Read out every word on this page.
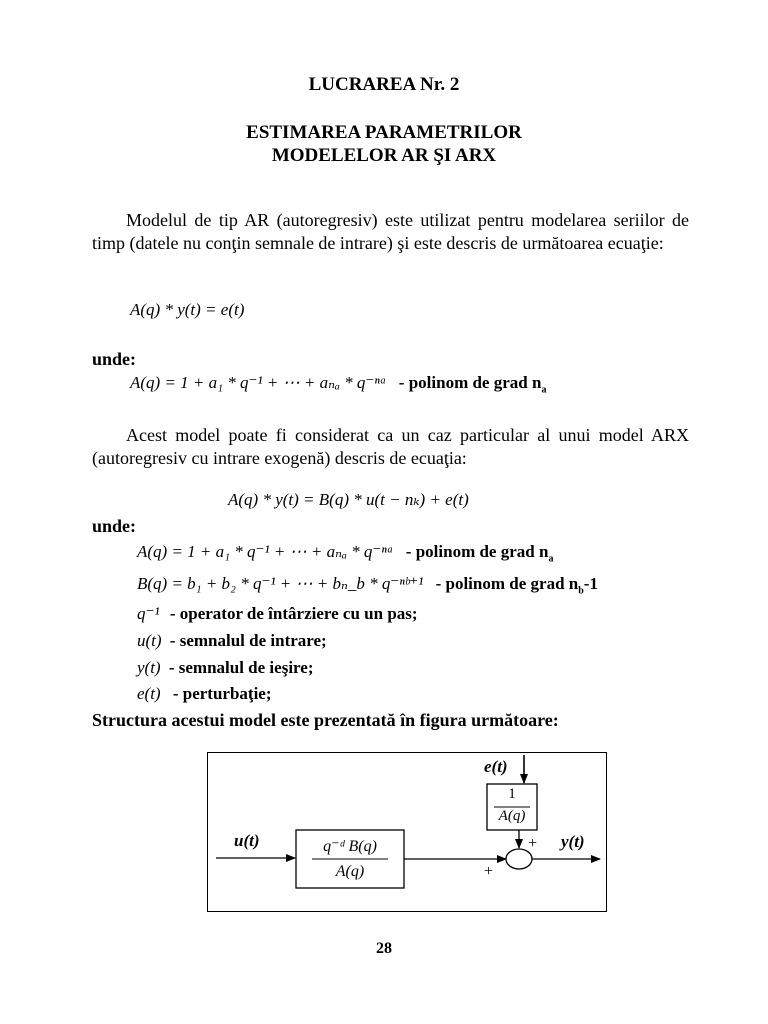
LUCRAREA Nr. 2
ESTIMAREA PARAMETRILOR
MODELELOR AR ŞI ARX
Modelul de tip AR (autoregresiv) este utilizat pentru modelarea seriilor de timp (datele nu conţin semnale de intrare) şi este descris de următoarea ecuaţie:
A(q) * y(t) = e(t)
unde:
A(q) = 1 + a₁ * q⁻¹ + ⋯ + aₙₐ * q⁻ⁿᵃ - polinom de grad $n_a$
Acest model poate fi considerat ca un caz particular al unui model ARX (autoregresiv cu intrare exogenă) descris de ecuaţia:
A(q) * y(t) = B(q) * u(t − nₖ) + e(t)
unde:
A(q) = 1 + a₁ * q⁻¹ + ⋯ + aₙₐ * q⁻ⁿᵃ - polinom de grad $n_a$
B(q) = b₁ + b₂ * q⁻¹ + ⋯ + bₙ_b * q⁻ⁿᵇ⁺¹ - polinom de grad $n_b-1$
q⁻¹ - operator de întârziere cu un pas;
u(t) - semnalul de intrare;
y(t) - semnalul de ieşire;
e(t) - perturbaţie;
Structura acestui model este prezentată în figura următoare:
u(t)	y(t)
e(t)
1
A(q)
q⁻ᵈ B(q)
A(q)
+
+
28
